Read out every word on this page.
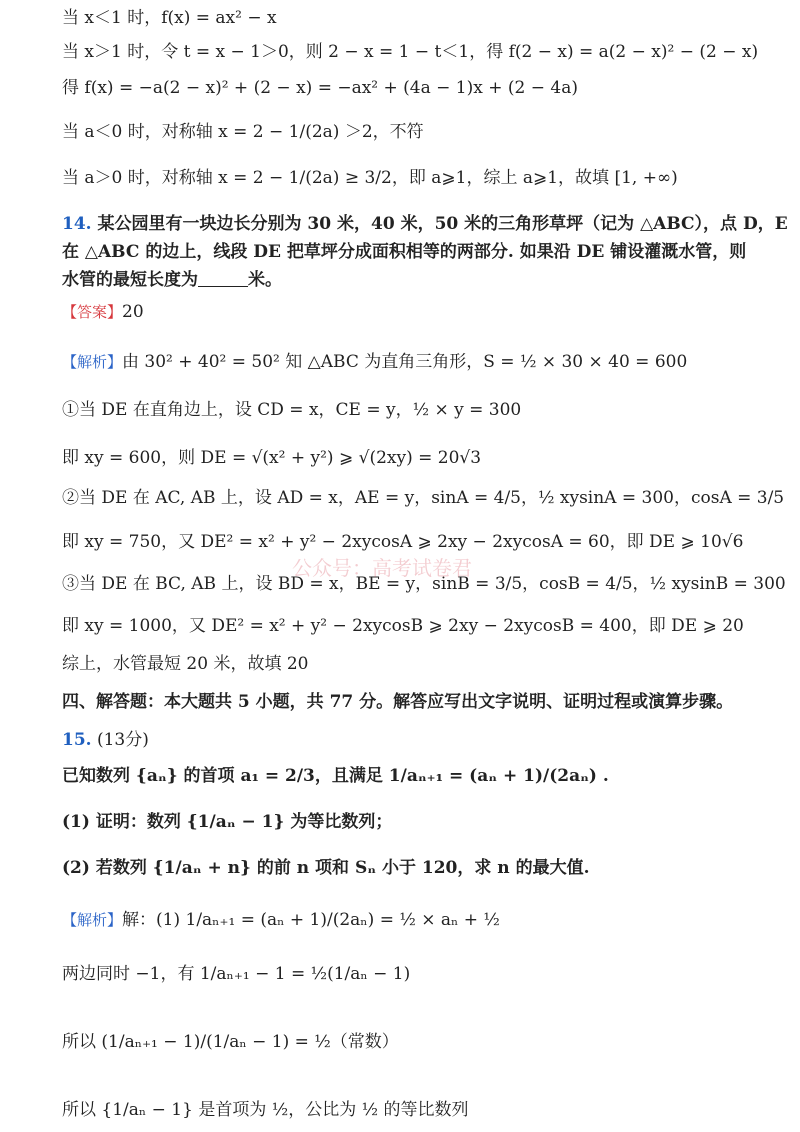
当 x＜1 时，f(x) = ax² − x
当 x＞1 时，令 t = x − 1＞0，则 2 − x = 1 − t＜1，得 f(2 − x) = a(2 − x)² − (2 − x)
得 f(x) = −a(2 − x)² + (2 − x) = −ax² + (4a − 1)x + (2 − 4a)
当 a＜0 时，对称轴 x = 2 − 1/(2a) ＞2，不符
当 a＞0 时，对称轴 x = 2 − 1/(2a) ≥ 3/2，即 a⩾1，综上 a⩾1，故填 [1, +∞)
14. 某公园里有一块边长分别为 30 米，40 米，50 米的三角形草坪（记为 △ABC），点 D，E
在 △ABC 的边上，线段 DE 把草坪分成面积相等的两部分. 如果沿 DE 铺设灌溉水管，则
水管的最短长度为	米。
【答案】20
【解析】由 30² + 40² = 50² 知 △ABC 为直角三角形，S = ½ × 30 × 40 = 600
①当 DE 在直角边上，设 CD = x，CE = y，½ × y = 300
即 xy = 600，则 DE = √(x² + y²) ⩾ √(2xy) = 20√3
②当 DE 在 AC, AB 上，设 AD = x，AE = y，sinA = 4/5，½ xysinA = 300，cosA = 3/5
即 xy = 750，又 DE² = x² + y² − 2xycosA ⩾ 2xy − 2xycosA = 60，即 DE ⩾ 10√6
③当 DE 在 BC, AB 上，设 BD = x，BE = y，sinB = 3/5，cosB = 4/5，½ xysinB = 300
即 xy = 1000，又 DE² = x² + y² − 2xycosB ⩾ 2xy − 2xycosB = 400，即 DE ⩾ 20
综上，水管最短 20 米，故填 20
四、解答题：本大题共 5 小题，共 77 分。解答应写出文字说明、证明过程或演算步骤。
15. (13分)
已知数列 {aₙ} 的首项 a₁ = 2/3，且满足 1/aₙ₊₁ = (aₙ + 1)/(2aₙ) .
(1) 证明：数列 {1/aₙ − 1} 为等比数列；
(2) 若数列 {1/aₙ + n} 的前 n 项和 Sₙ 小于 120，求 n 的最大值.
【解析】解：(1) 1/aₙ₊₁ = (aₙ + 1)/(2aₙ) = ½ × aₙ + ½
两边同时 −1，有 1/aₙ₊₁ − 1 = ½(1/aₙ − 1)
所以 (1/aₙ₊₁ − 1)/(1/aₙ − 1) = ½（常数）
所以 {1/aₙ − 1} 是首项为 ½，公比为 ½ 的等比数列
公众号：高考试卷君
